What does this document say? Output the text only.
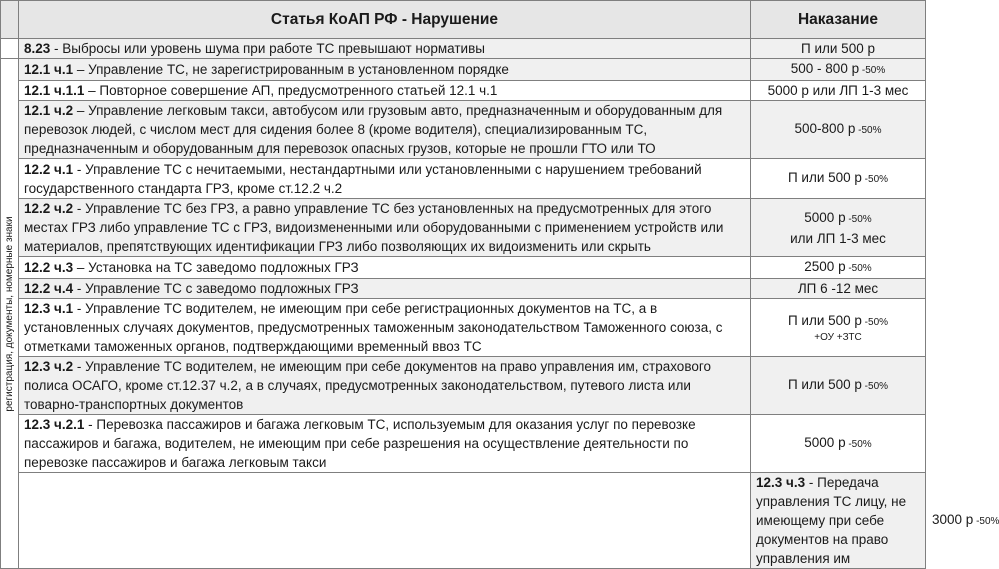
	Статья КоАП РФ - Нарушение	Наказание	
	8.23 - Выбросы или уровень шума при работе ТС превышают нормативы	П или 500 р	

регистрация, документы, номерные знаки	12.1 ч.1 – Управление ТС, не зарегистрированным в установленном порядке	500 - 800 р -50%	
	12.1 ч.1.1 – Повторное совершение АП, предусмотренного статьей 12.1 ч.1	5000 р или ЛП 1-3 мес	
	12.1 ч.2 – Управление легковым такси, автобусом или грузовым авто, предназначенным и оборудованным для перевозок людей, с числом мест для сидения более 8 (кроме водителя), специализированным ТС, предназначенным и оборудованным для перевозок опасных грузов, которые не прошли ГТО или ТО	500-800 р -50%	
	12.2 ч.1 - Управление ТС с нечитаемыми, нестандартными или установленными с нарушением требований государственного стандарта ГРЗ, кроме ст.12.2 ч.2	П или 500 р -50%	
	12.2 ч.2 - Управление ТС без ГРЗ, а равно управление ТС без установленных на предусмотренных для этого местах ГРЗ либо управление ТС с ГРЗ, видоизмененными или оборудованными с применением устройств или материалов, препятствующих идентификации ГРЗ либо позволяющих их видоизменить или скрыть	5000 р -50%
или ЛП 1-3 мес	

	12.2 ч.3 – Установка на ТС заведомо подложных ГРЗ	2500 р -50%	
	12.2 ч.4 - Управление ТС с заведомо подложных ГРЗ	ЛП 6 -12 мес	
	12.3 ч.1 - Управление ТС водителем, не имеющим при себе регистрационных документов на ТС, а в установленных случаях документов, предусмотренных таможенным законодательством Таможенного союза, с отметками таможенных органов, подтверждающими временный ввоз ТС	П или 500 р -50%
+ОУ +ЗТС	

	12.3 ч.2 - Управление ТС водителем, не имеющим при себе документов на право управления им, страхового полиса ОСАГО, кроме ст.12.37 ч.2, а в случаях, предусмотренных законодательством, путевого листа или товарно-транспортных документов	П или 500 р -50%	
	12.3 ч.2.1 - Перевозка пассажиров и багажа легковым ТС, используемым для оказания услуг по перевозке пассажиров и багажа, водителем, не имеющим при себе разрешения на осуществление деятельности по перевозке пассажиров и багажа легковым такси	5000 р -50%	
		12.3 ч.3 - Передача управления ТС лицу, не имеющему при себе документов на право управления им	3000 р -50%
